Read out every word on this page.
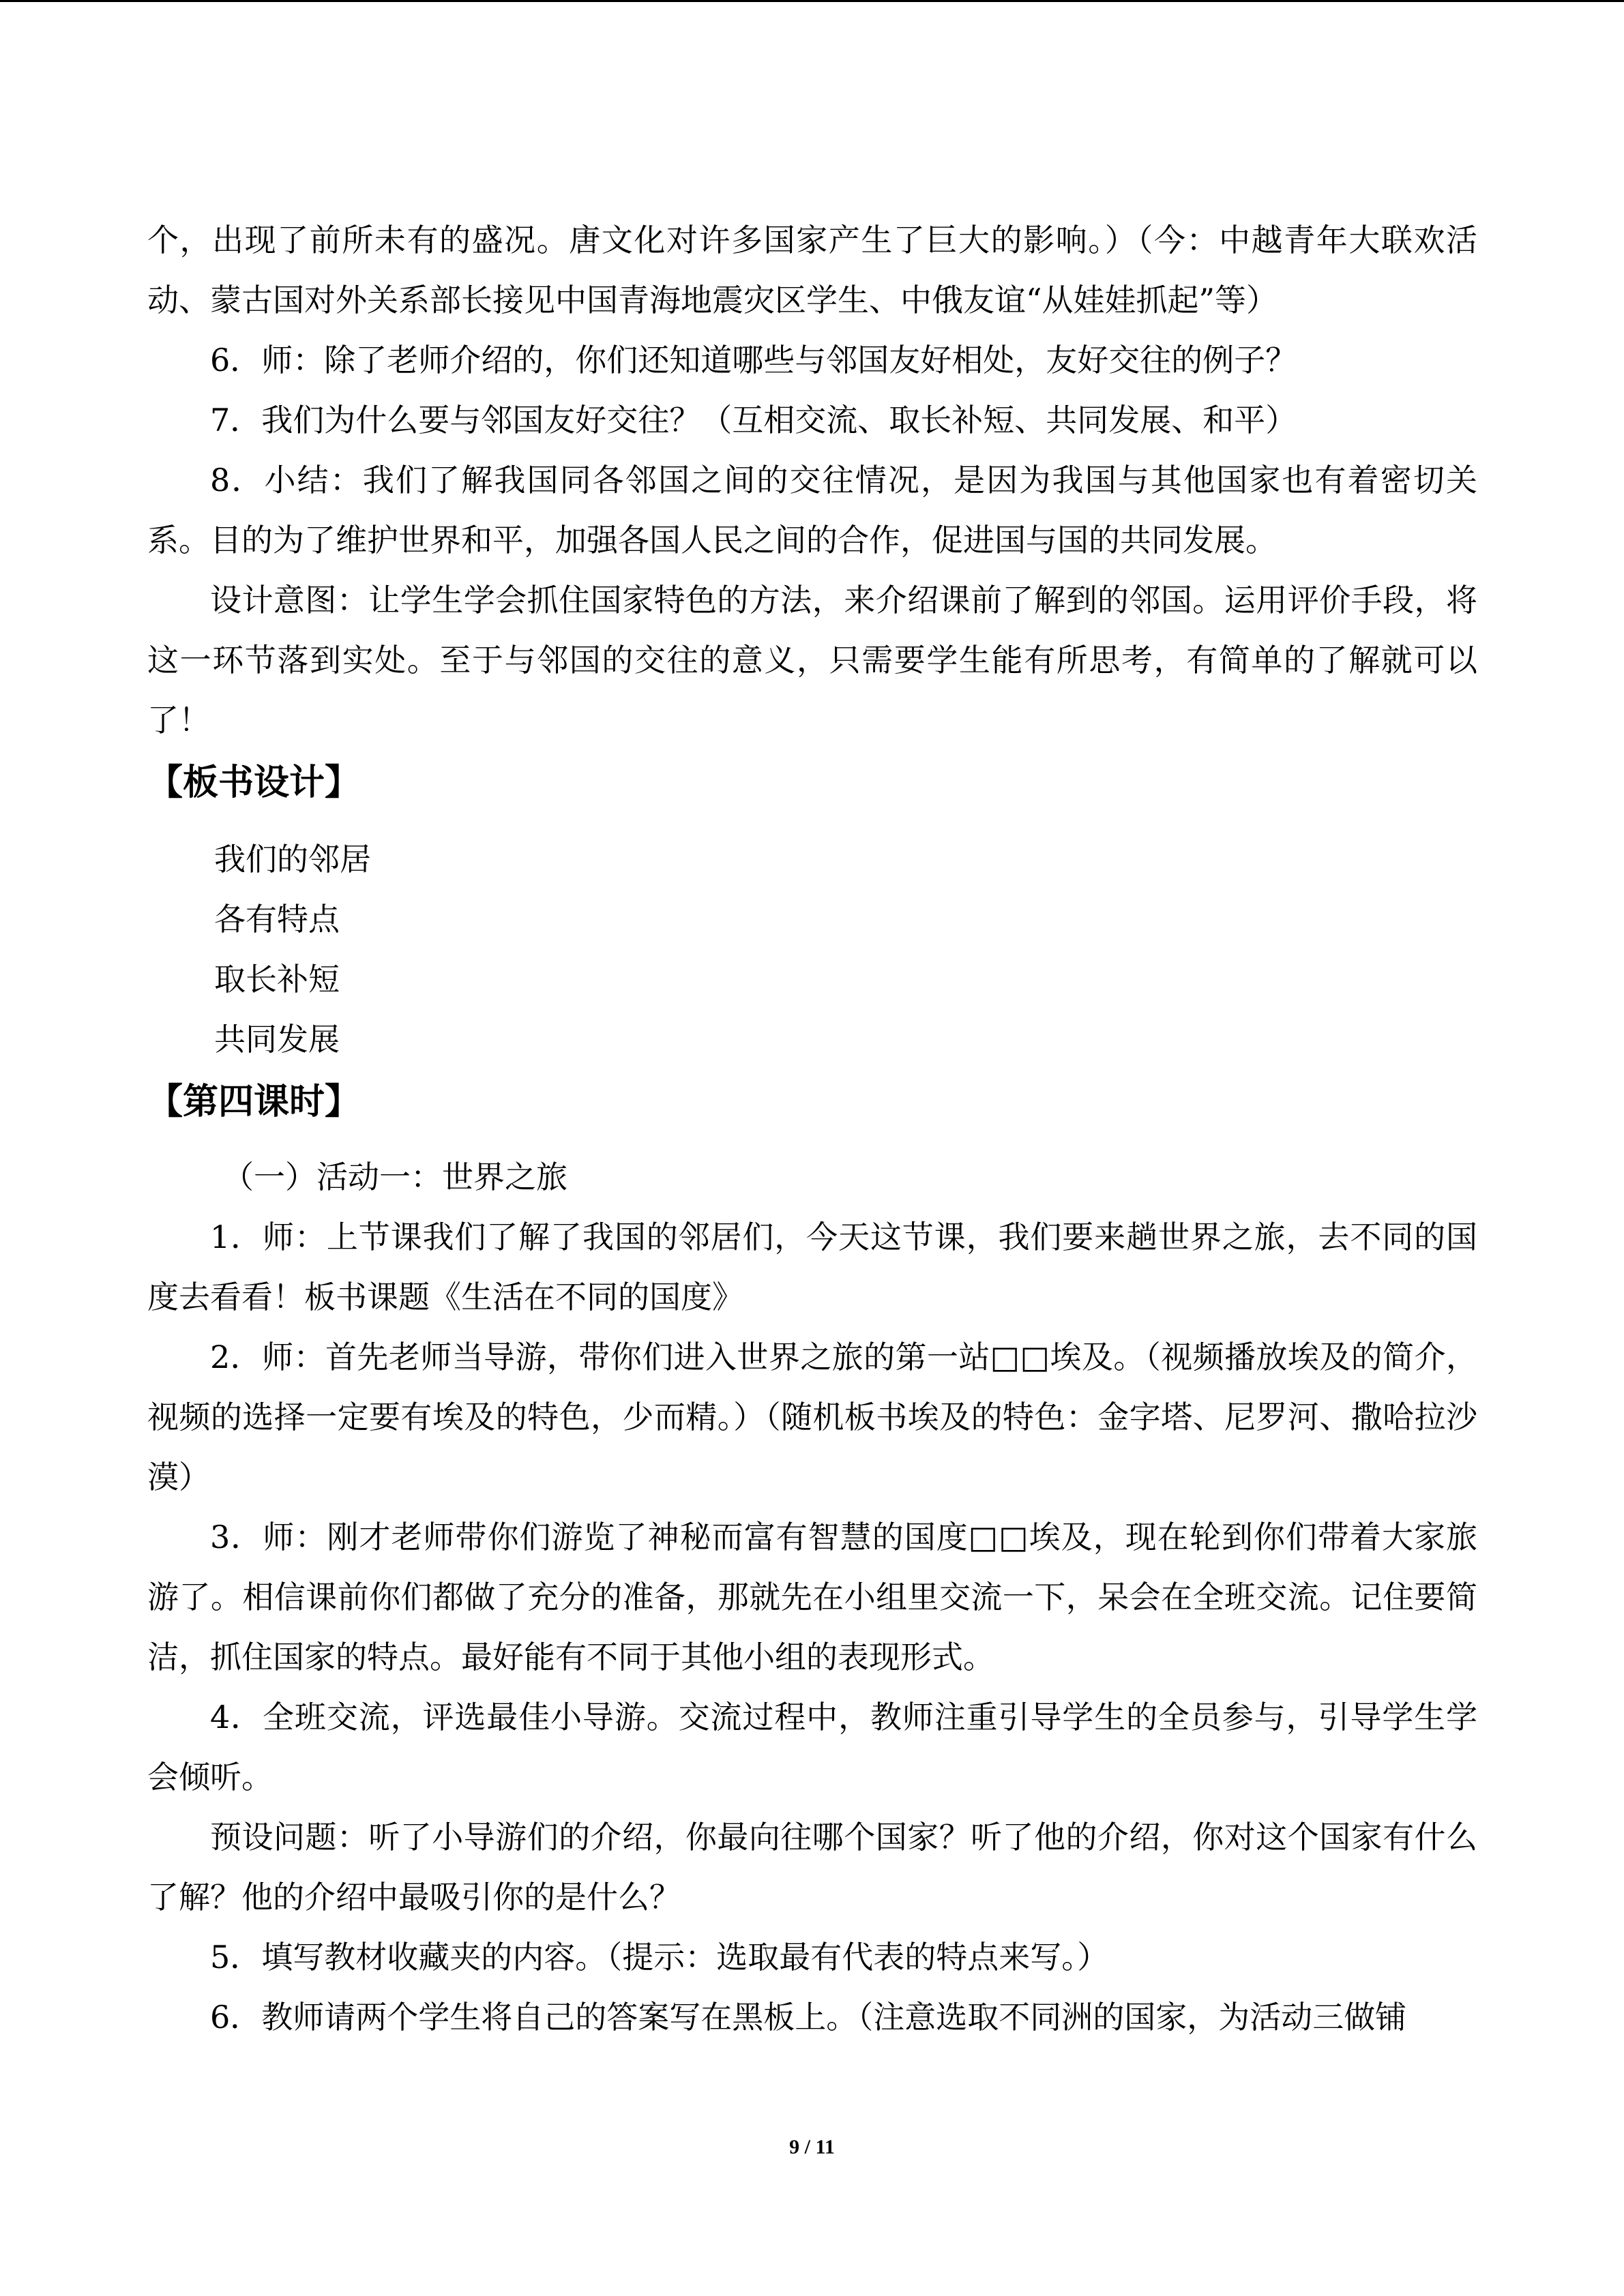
个，出现了前所未有的盛况。唐文化对许多国家产生了巨大的影响。）（今：中越青年大联欢活动、蒙古国对外关系部长接见中国青海地震灾区学生、中俄友谊“从娃娃抓起”等）

6．师：除了老师介绍的，你们还知道哪些与邻国友好相处，友好交往的例子？

7．我们为什么要与邻国友好交往？（互相交流、取长补短、共同发展、和平）

8．小结：我们了解我国同各邻国之间的交往情况，是因为我国与其他国家也有着密切关系。目的为了维护世界和平，加强各国人民之间的合作，促进国与国的共同发展。

设计意图：让学生学会抓住国家特色的方法，来介绍课前了解到的邻国。运用评价手段，将这一环节落到实处。至于与邻国的交往的意义，只需要学生能有所思考，有简单的了解就可以了！

【板书设计】

我们的邻居

各有特点

取长补短

共同发展

【第四课时】

（一）活动一：世界之旅

1．师：上节课我们了解了我国的邻居们，今天这节课，我们要来趟世界之旅，去不同的国度去看看！板书课题《生活在不同的国度》

2．师：首先老师当导游，带你们进入世界之旅的第一站□□埃及。（视频播放埃及的简介，视频的选择一定要有埃及的特色，少而精。）（随机板书埃及的特色：金字塔、尼罗河、撒哈拉沙漠）

3．师：刚才老师带你们游览了神秘而富有智慧的国度□□埃及，现在轮到你们带着大家旅游了。相信课前你们都做了充分的准备，那就先在小组里交流一下，呆会在全班交流。记住要简洁，抓住国家的特点。最好能有不同于其他小组的表现形式。

4．全班交流，评选最佳小导游。交流过程中，教师注重引导学生的全员参与，引导学生学会倾听。

预设问题：听了小导游们的介绍，你最向往哪个国家？听了他的介绍，你对这个国家有什么了解？他的介绍中最吸引你的是什么？

5．填写教材收藏夹的内容。（提示：选取最有代表的特点来写。）

6．教师请两个学生将自己的答案写在黑板上。（注意选取不同洲的国家，为活动三做铺

9 / 11
